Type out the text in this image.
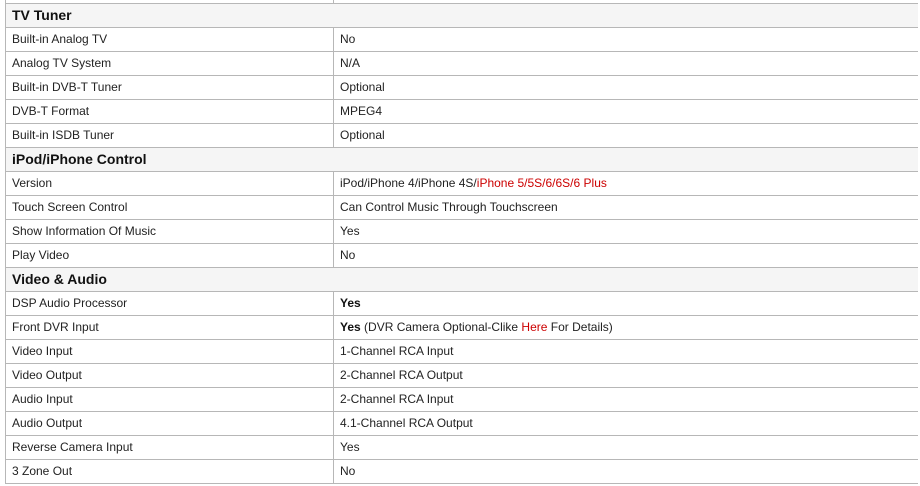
TV Tuner	
Built-in Analog TV	No
Analog TV System	N/A
Built-in DVB-T Tuner	Optional
DVB-T Format	MPEG4
Built-in ISDB Tuner	Optional
iPod/iPhone Control	
Version	iPod/iPhone 4/iPhone 4S/iPhone 5/5S/6/6S/6 Plus
Touch Screen Control	Can Control Music Through Touchscreen
Show Information Of Music	Yes
Play Video	No
Video & Audio	
DSP Audio Processor	Yes
Front DVR Input	Yes (DVR Camera Optional-Clike Here For Details)
Video Input	1-Channel RCA Input
Video Output	2-Channel RCA Output
Audio Input	2-Channel RCA Input
Audio Output	4.1-Channel RCA Output
Reverse Camera Input	Yes
3 Zone Out	No
